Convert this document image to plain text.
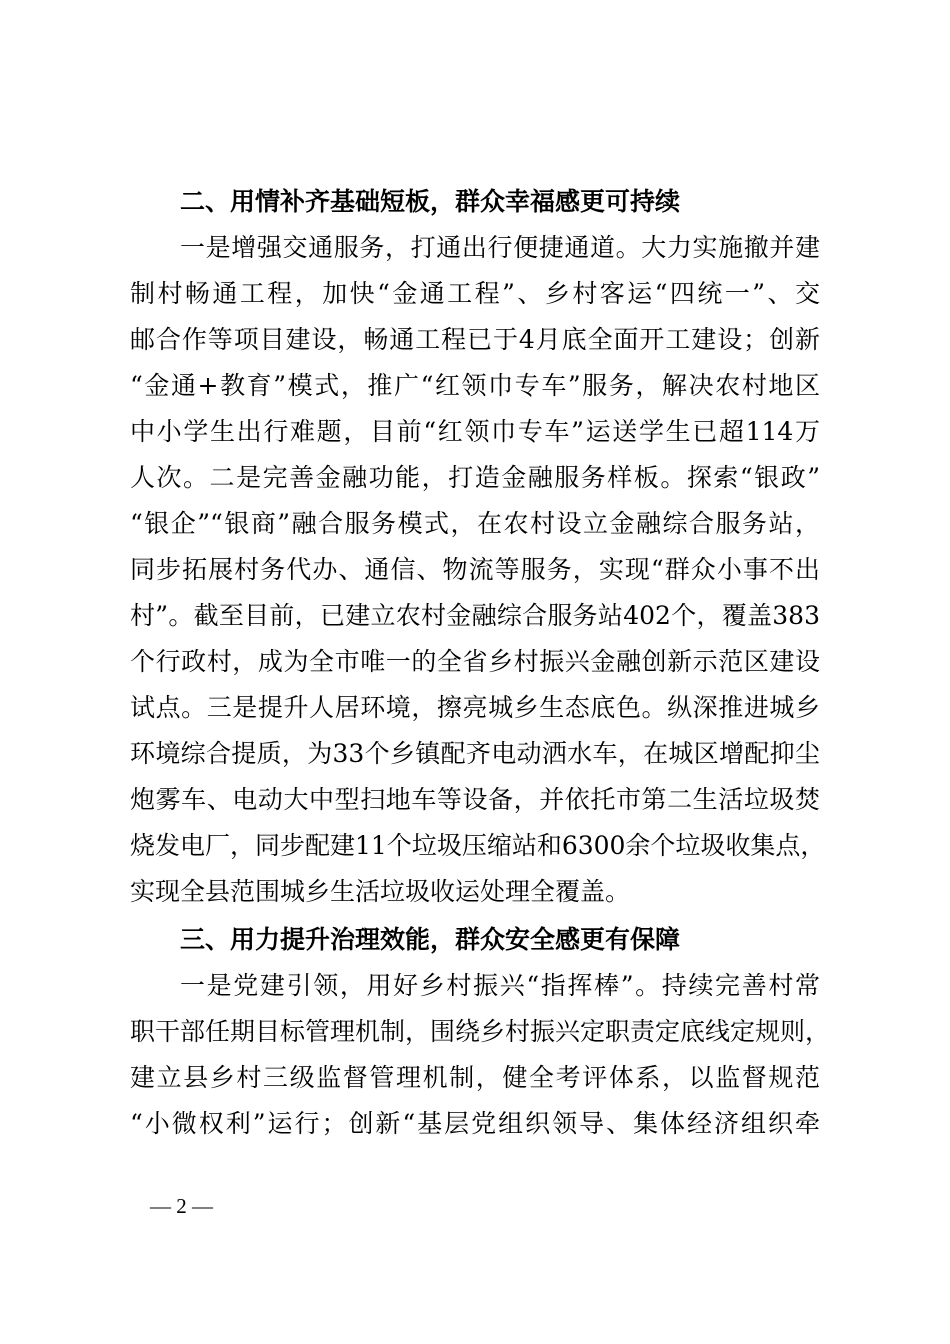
二、用情补齐基础短板，群众幸福感更可持续
一是增强交通服务，打通出行便捷通道。大力实施撤并建
制村畅通工程，加快“金通工程”、乡村客运“四统一”、交
邮合作等项目建设，畅通工程已于4月底全面开工建设；创新
“金通+教育”模式，推广“红领巾专车”服务，解决农村地区
中小学生出行难题，目前“红领巾专车”运送学生已超114万
人次。二是完善金融功能，打造金融服务样板。探索“银政”
“银企”“银商”融合服务模式，在农村设立金融综合服务站，
同步拓展村务代办、通信、物流等服务，实现“群众小事不出
村”。截至目前，已建立农村金融综合服务站402个，覆盖383
个行政村，成为全市唯一的全省乡村振兴金融创新示范区建设
试点。三是提升人居环境，擦亮城乡生态底色。纵深推进城乡
环境综合提质，为33个乡镇配齐电动洒水车，在城区增配抑尘
炮雾车、电动大中型扫地车等设备，并依托市第二生活垃圾焚
烧发电厂，同步配建11个垃圾压缩站和6300余个垃圾收集点，
实现全县范围城乡生活垃圾收运处理全覆盖。
三、用力提升治理效能，群众安全感更有保障
一是党建引领，用好乡村振兴“指挥棒”。持续完善村常
职干部任期目标管理机制，围绕乡村振兴定职责定底线定规则，
建立县乡村三级监督管理机制，健全考评体系，以监督规范
“小微权利”运行；创新“基层党组织领导、集体经济组织牵
— 2 —
